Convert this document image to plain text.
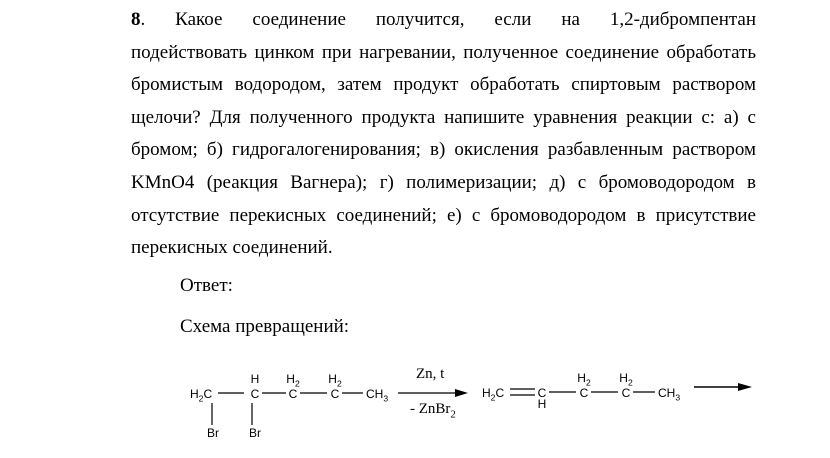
8. Какое соединение получится, если на 1,2-дибромпентан
подействовать цинком при нагревании, полученное соединение обработать
бромистым водородом, затем продукт обработать спиртовым раствором
щелочи? Для полученного продукта напишите уравнения реакции с: а) с
бромом; б) гидрогалогенирования; в) окисления разбавленным раствором
KMnO4 (реакция Вагнера); г) полимеризации; д) с бромоводородом в
отсутствие перекисных соединений; е) с бромоводородом в присутствие
перекисных соединений.
Ответ:
Схема превращений:
$H_2C$
H
C
$H_2$
C
$H_2$
C $CH_3$
Br	Br
Zn, t
- ZnBr$_2$
$H_2C$	C
H
$H_2$
C
$H_2$
C $CH_3$
